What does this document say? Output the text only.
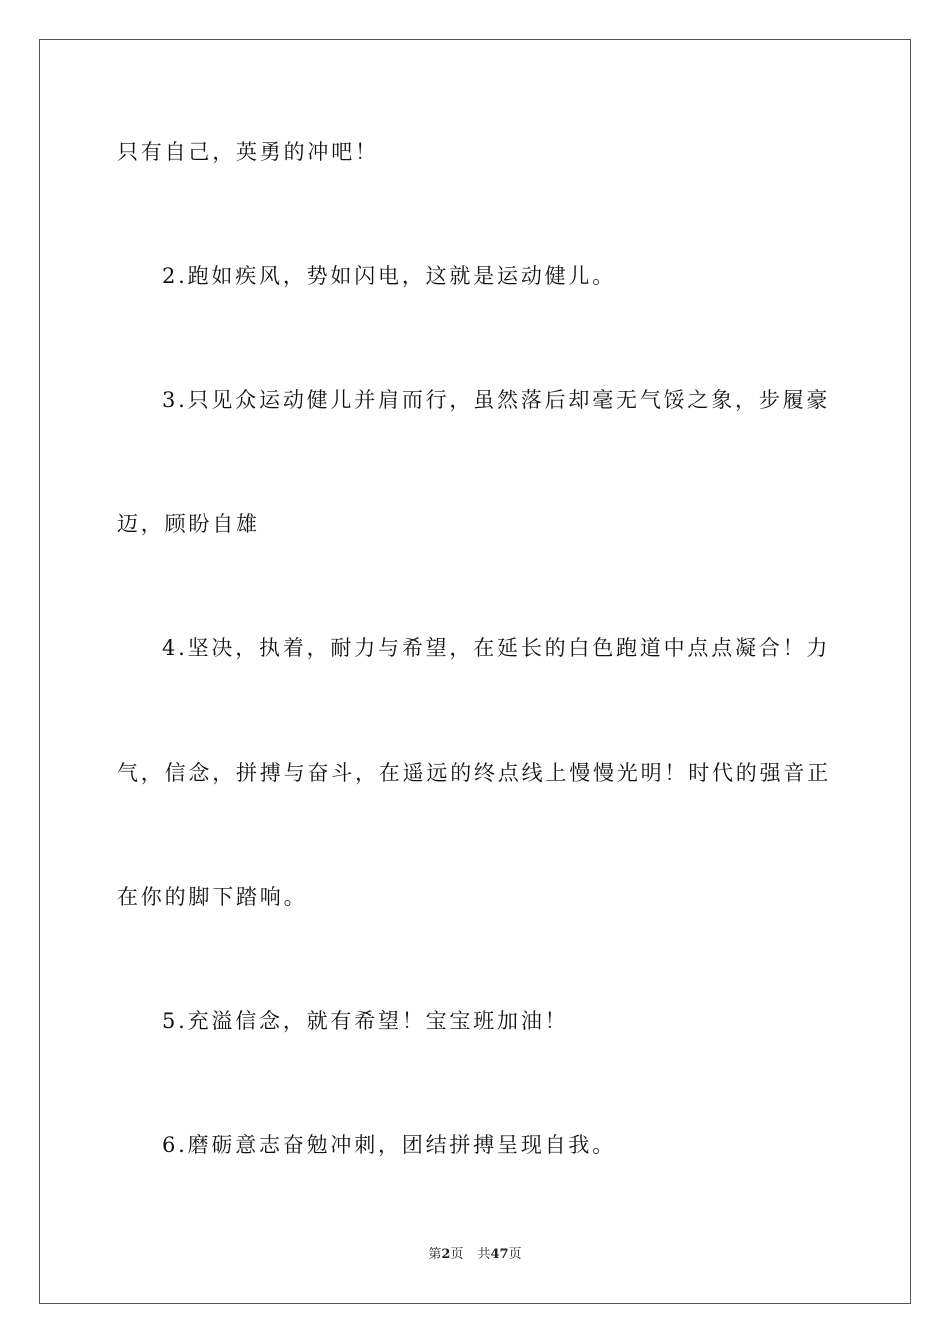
只有自己，英勇的冲吧！

2.跑如疾风，势如闪电，这就是运动健儿。

3.只见众运动健儿并肩而行，虽然落后却毫无气馁之象，步履豪

迈，顾盼自雄

4.坚决，执着，耐力与希望，在延长的白色跑道中点点凝合！力

气，信念，拼搏与奋斗，在遥远的终点线上慢慢光明！时代的强音正

在你的脚下踏响。

5.充溢信念，就有希望！宝宝班加油！

6.磨砺意志奋勉冲刺，团结拼搏呈现自我。

第2页 共47页
